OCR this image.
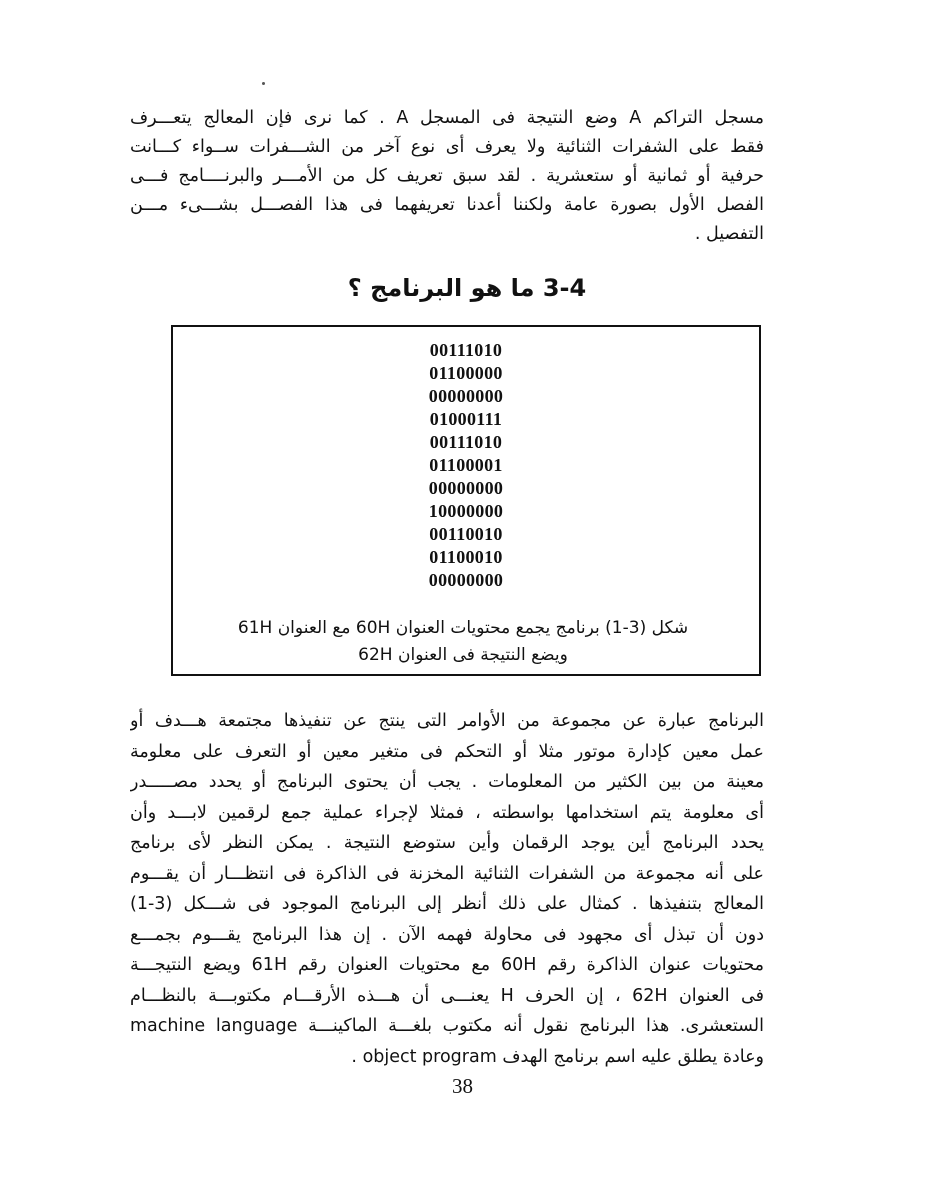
مسجل التراكم A وضع النتيجة فى المسجل A . كما نرى فإن المعالج يتعـــرف
فقط على الشفرات الثنائية ولا يعرف أى نوع آخر من الشـــفرات ســواء كـــانت
حرفية أو ثمانية أو ستعشرية . لقد سبق تعريف كل من الأمـــر والبرنــــامج فـــى
الفصل الأول بصورة عامة ولكننا أعدنا تعريفهما فى هذا الفصـــل بشـــىء مـــن
التفصيل .
3-4 ما هو البرنامج ؟
00111010
01100000
00000000
01000111
00111010
01100001
00000000
10000000
00110010
01100010
00000000
شكل (3-1) برنامج يجمع محتويات العنوان 60H مع العنوان 61H
ويضع النتيجة فى العنوان 62H
البرنامج عبارة عن مجموعة من الأوامر التى ينتج عن تنفيذها مجتمعة هـــدف أو
عمل معين كإدارة موتور مثلا أو التحكم فى متغير معين أو التعرف على معلومة
معينة من بين الكثير من المعلومات . يجب أن يحتوى البرنامج أو يحدد مصـــــدر
أى معلومة يتم استخدامها بواسطته ، فمثلا لإجراء عملية جمع لرقمين لابـــد وأن
يحدد البرنامج أين يوجد الرقمان وأين ستوضع النتيجة . يمكن النظر لأى برنامج
على أنه مجموعة من الشفرات الثنائية المخزنة فى الذاكرة فى انتظـــار أن يقـــوم
المعالج بتنفيذها . كمثال على ذلك أنظر إلى البرنامج الموجود فى شـــكل (3-1)
دون أن تبذل أى مجهود فى محاولة فهمه الآن . إن هذا البرنامج يقـــوم بجمـــع
محتويات عنوان الذاكرة رقم 60H مع محتويات العنوان رقم 61H ويضع النتيجـــة
فى العنوان 62H ، إن الحرف H يعنـــى أن هـــذه الأرقـــام مكتوبـــة بالنظـــام
الستعشرى. هذا البرنامج نقول أنه مكتوب بلغـــة الماكينـــة machine language
وعادة يطلق عليه اسم برنامج الهدف object program .
38
